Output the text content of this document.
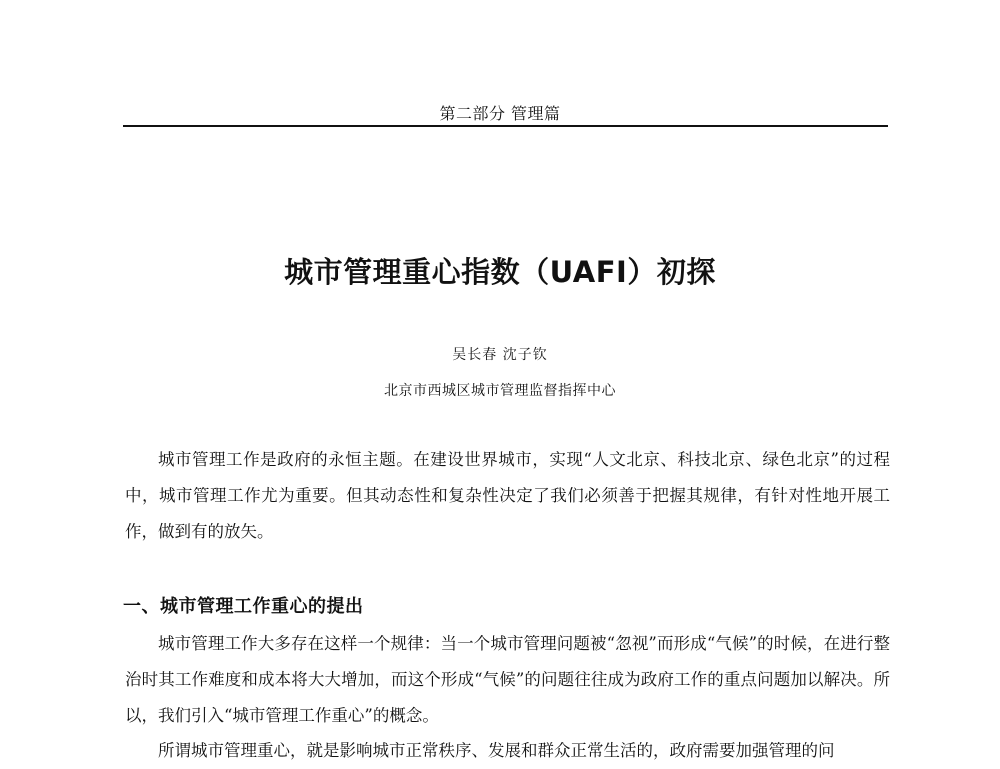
第二部分 管理篇
城市管理重心指数（UAFI）初探
吴长春 沈子钦
北京市西城区城市管理监督指挥中心

城市管理工作是政府的永恒主题。在建设世界城市，实现“人文北京、科技北京、绿色北京”的过程中，城市管理工作尤为重要。但其动态性和复杂性决定了我们必须善于把握其规律，有针对性地开展工作，做到有的放矢。

一、城市管理工作重心的提出

城市管理工作大多存在这样一个规律：当一个城市管理问题被“忽视”而形成“气候”的时候，在进行整治时其工作难度和成本将大大增加，而这个形成“气候”的问题往往成为政府工作的重点问题加以解决。所以，我们引入“城市管理工作重心”的概念。

所谓城市管理重心，就是影响城市正常秩序、发展和群众正常生活的，政府需要加强管理的问
